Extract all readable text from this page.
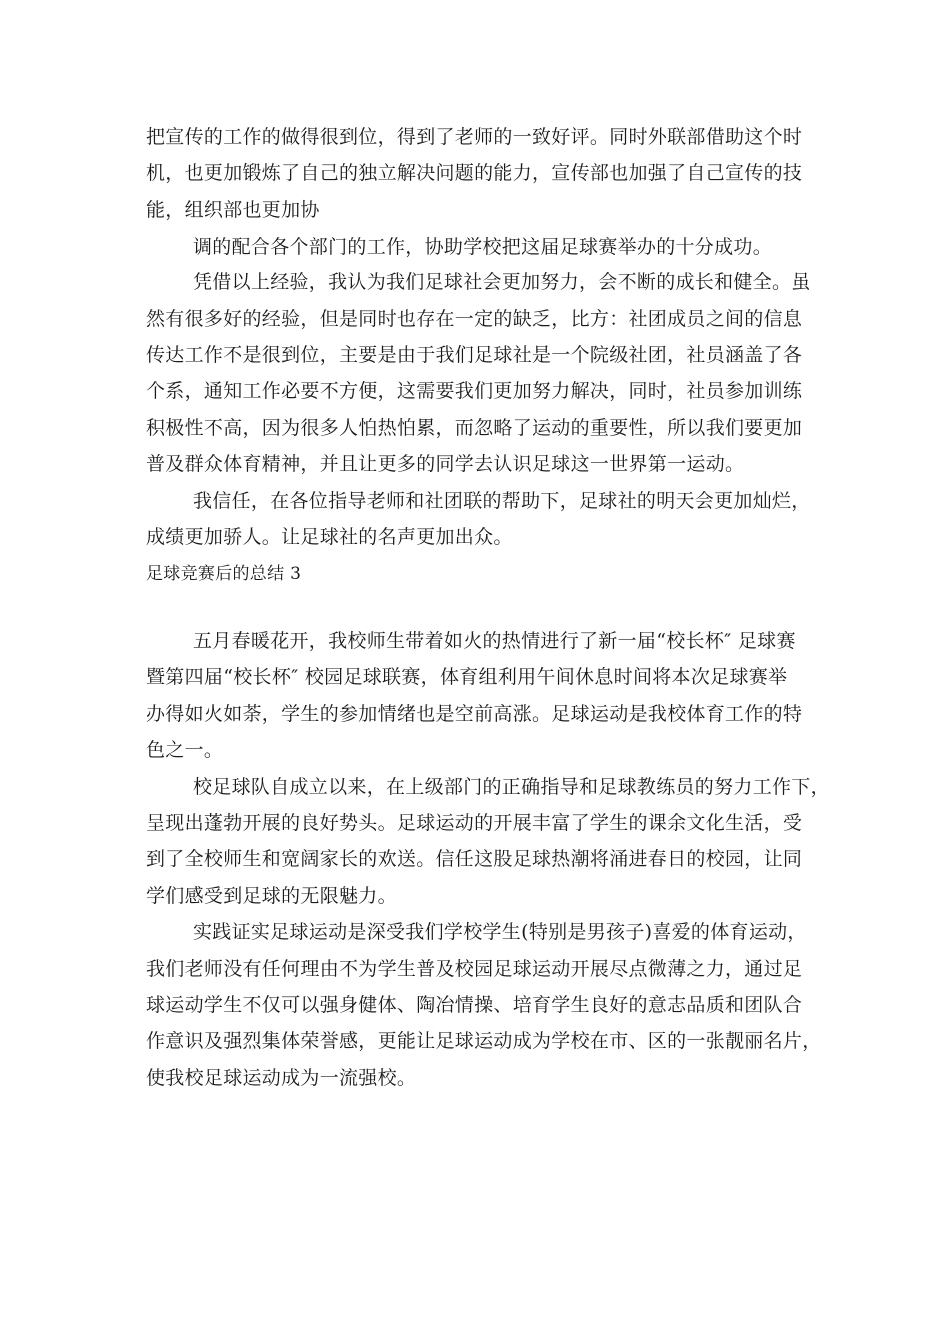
把宣传的工作的做得很到位，得到了老师的一致好评。同时外联部借助这个时
机，也更加锻炼了自己的独立解决问题的能力，宣传部也加强了自己宣传的技
能，组织部也更加协
调的配合各个部门的工作，协助学校把这届足球赛举办的十分成功。
凭借以上经验，我认为我们足球社会更加努力，会不断的成长和健全。虽
然有很多好的经验，但是同时也存在一定的缺乏，比方：社团成员之间的信息
传达工作不是很到位，主要是由于我们足球社是一个院级社团，社员涵盖了各
个系，通知工作必要不方便，这需要我们更加努力解决，同时，社员参加训练
积极性不高，因为很多人怕热怕累，而忽略了运动的重要性，所以我们要更加
普及群众体育精神，并且让更多的同学去认识足球这一世界第一运动。
我信任，在各位指导老师和社团联的帮助下，足球社的明天会更加灿烂，
成绩更加骄人。让足球社的名声更加出众。
足球竞赛后的总结 3
五月春暖花开，我校师生带着如火的热情进行了新一届“校长杯″ 足球赛
暨第四届“校长杯″ 校园足球联赛，体育组利用午间休息时间将本次足球赛举
办得如火如荼，学生的参加情绪也是空前高涨。足球运动是我校体育工作的特
色之一。
校足球队自成立以来，在上级部门的正确指导和足球教练员的努力工作下，
呈现出蓬勃开展的良好势头。足球运动的开展丰富了学生的课余文化生活，受
到了全校师生和宽阔家长的欢送。信任这股足球热潮将涌进春日的校园，让同
学们感受到足球的无限魅力。
实践证实足球运动是深受我们学校学生(特别是男孩子)喜爱的体育运动，
我们老师没有任何理由不为学生普及校园足球运动开展尽点微薄之力，通过足
球运动学生不仅可以强身健体、陶冶情操、培育学生良好的意志品质和团队合
作意识及强烈集体荣誉感，更能让足球运动成为学校在市、区的一张靓丽名片，
使我校足球运动成为一流强校。
